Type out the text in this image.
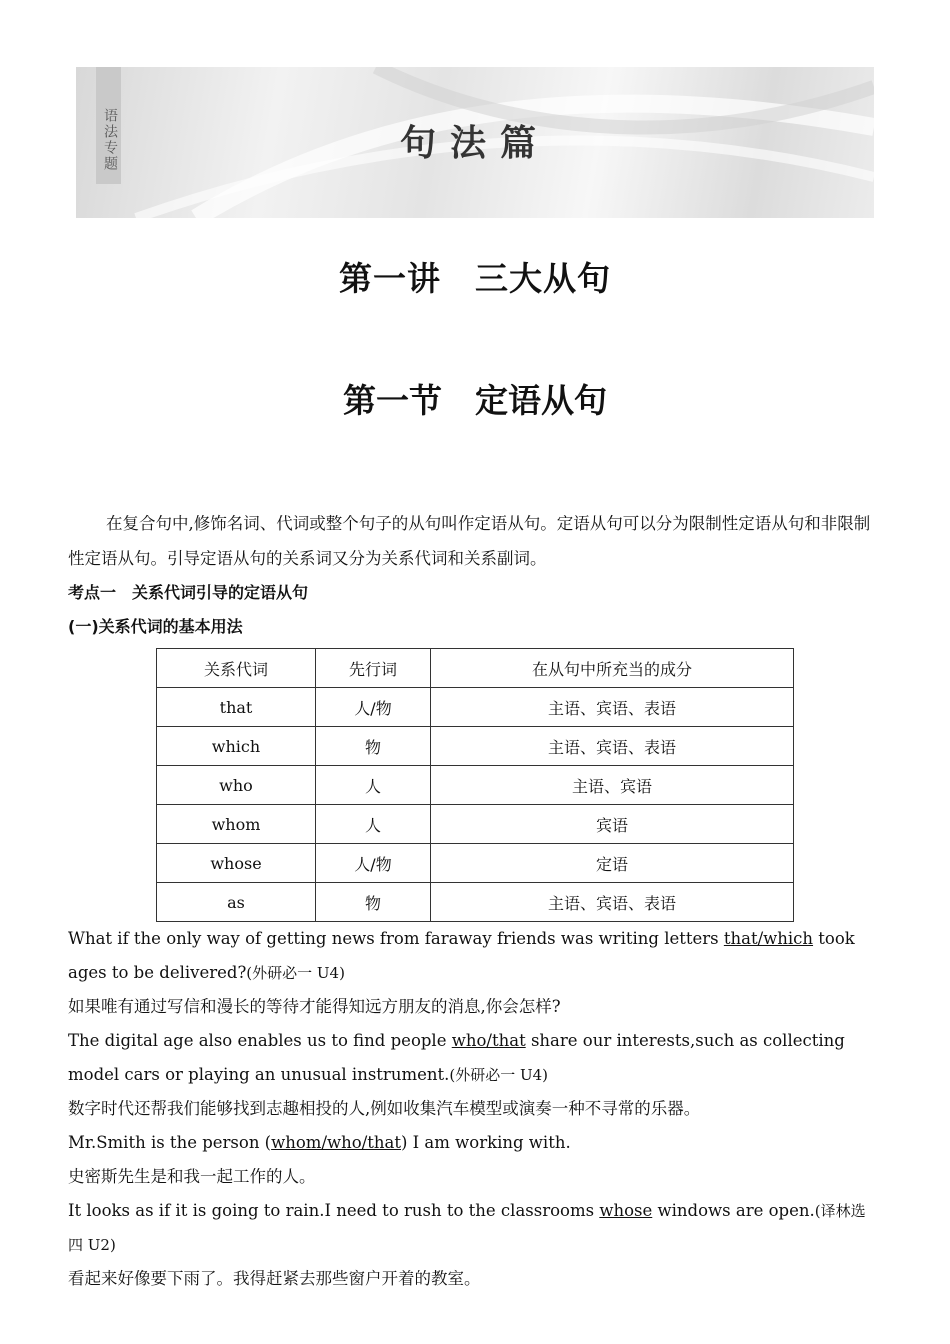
语法专题	句法篇
第一讲　三大从句
第一节　定语从句

在复合句中,修饰名词、代词或整个句子的从句叫作定语从句。定语从句可以分为限制性定语从句和非限制性定语从句。引导定语从句的关系词又分为关系代词和关系副词。

考点一　关系代词引导的定语从句

(一)关系代词的基本用法

关系代词	先行词	在从句中所充当的成分
that	人/物	主语、宾语、表语
which	物	主语、宾语、表语
who	人	主语、宾语
whom	人	宾语
whose	人/物	定语
as	物	主语、宾语、表语

What if the only way of getting news from faraway friends was writing letters that/which took ages to be delivered?(外研必一 U4)

如果唯有通过写信和漫长的等待才能得知远方朋友的消息,你会怎样?

The digital age also enables us to find people who/that share our interests,such as collecting model cars or playing an unusual instrument.(外研必一 U4)

数字时代还帮我们能够找到志趣相投的人,例如收集汽车模型或演奏一种不寻常的乐器。

Mr.Smith is the person (whom/who/that) I am working with.

史密斯先生是和我一起工作的人。

It looks as if it is going to rain.I need to rush to the classrooms whose windows are open.(译林选四 U2)

看起来好像要下雨了。我得赶紧去那些窗户开着的教室。
